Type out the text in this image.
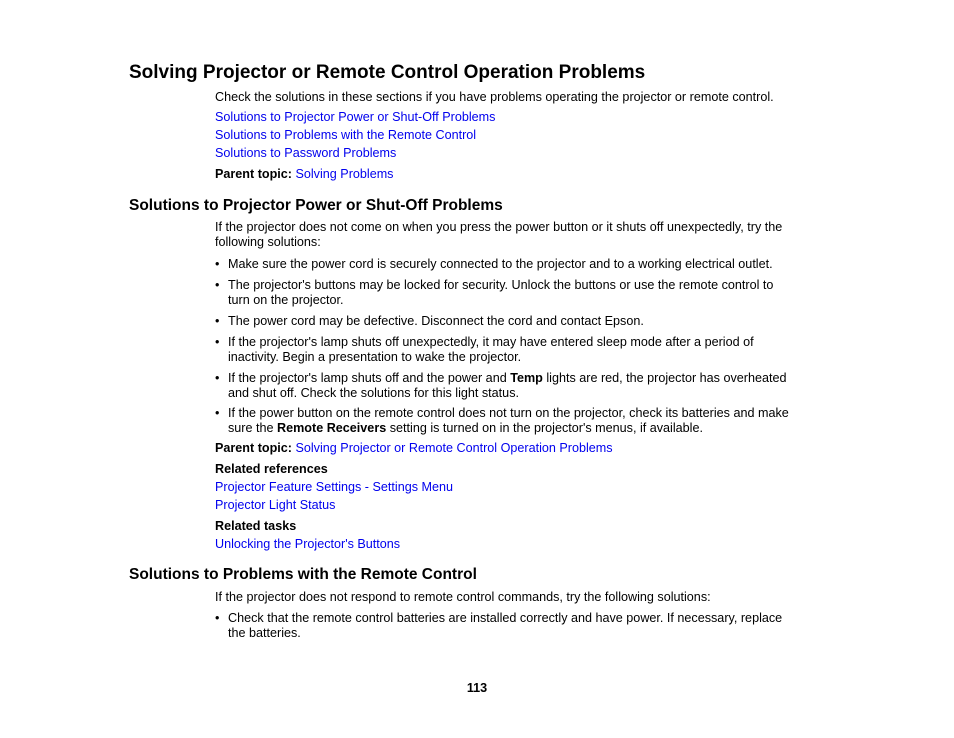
Solving Projector or Remote Control Operation Problems
Check the solutions in these sections if you have problems operating the projector or remote control.
Solutions to Projector Power or Shut-Off Problems
Solutions to Problems with the Remote Control
Solutions to Password Problems
Parent topic: Solving Problems
Solutions to Projector Power or Shut-Off Problems
If the projector does not come on when you press the power button or it shuts off unexpectedly, try the
following solutions:
• Make sure the power cord is securely connected to the projector and to a working electrical outlet.
• The projector's buttons may be locked for security. Unlock the buttons or use the remote control to
turn on the projector.
• The power cord may be defective. Disconnect the cord and contact Epson.
• If the projector's lamp shuts off unexpectedly, it may have entered sleep mode after a period of
inactivity. Begin a presentation to wake the projector.
• If the projector's lamp shuts off and the power and Temp lights are red, the projector has overheated
and shut off. Check the solutions for this light status.
• If the power button on the remote control does not turn on the projector, check its batteries and make
sure the Remote Receivers setting is turned on in the projector's menus, if available.
Parent topic: Solving Projector or Remote Control Operation Problems
Related references
Projector Feature Settings - Settings Menu
Projector Light Status
Related tasks
Unlocking the Projector's Buttons
Solutions to Problems with the Remote Control
If the projector does not respond to remote control commands, try the following solutions:
• Check that the remote control batteries are installed correctly and have power. If necessary, replace
the batteries.
113
